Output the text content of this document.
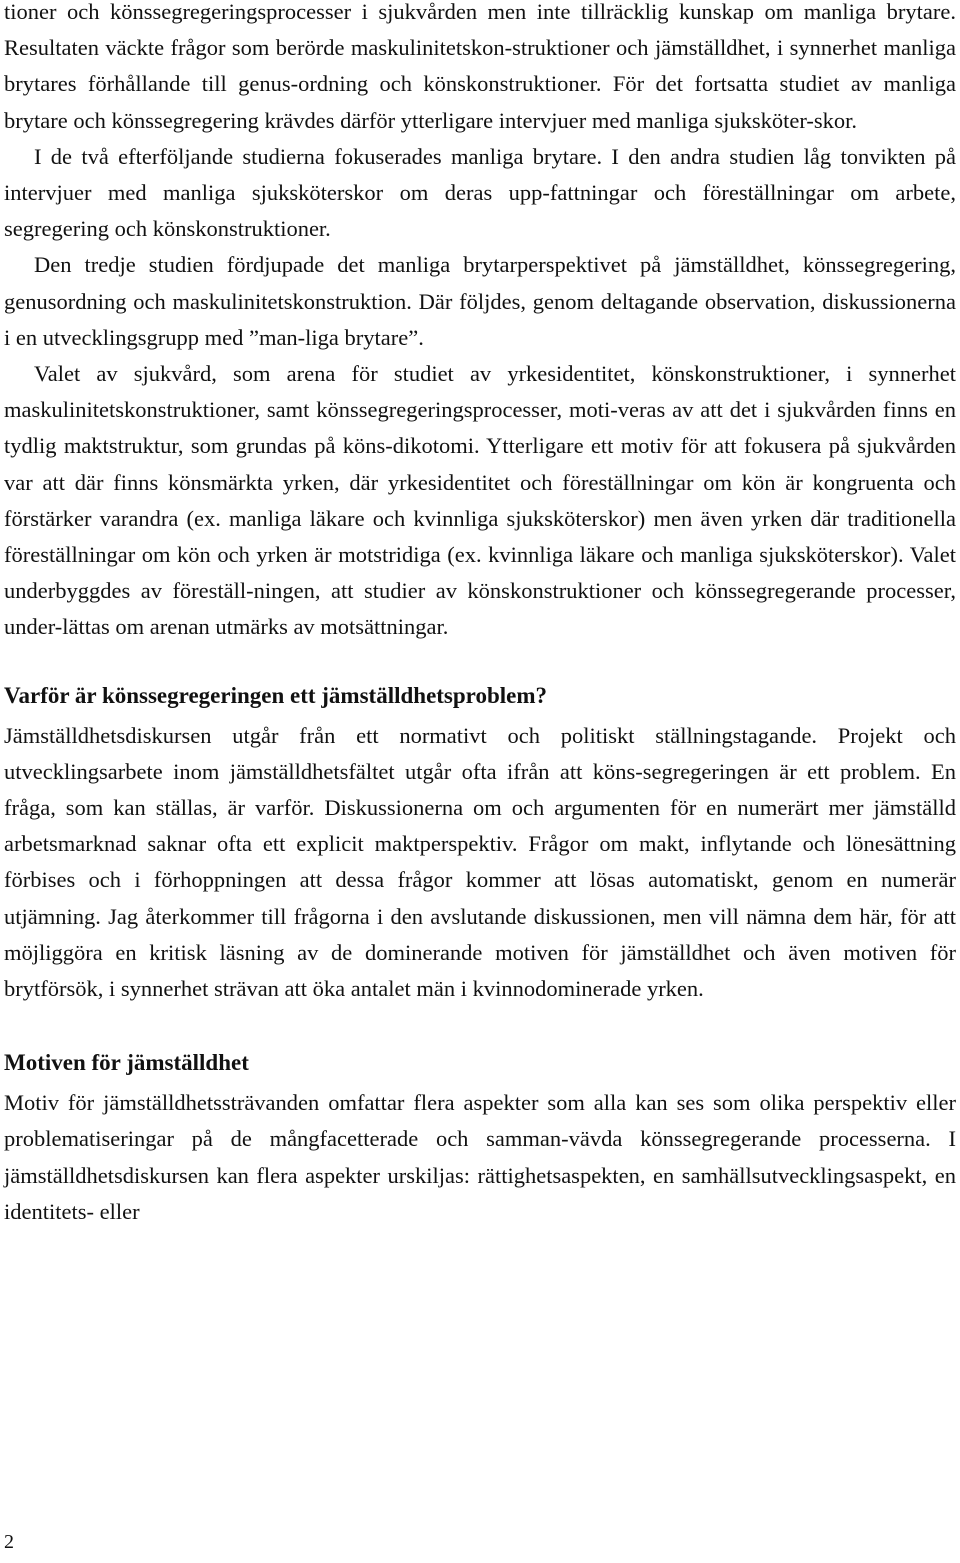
tioner och könssegregeringsprocesser i sjukvården men inte tillräcklig kunskap om manliga brytare. Resultaten väckte frågor som berörde maskulinitetskon-struktioner och jämställdhet, i synnerhet manliga brytares förhållande till genus-ordning och könskonstruktioner. För det fortsatta studiet av manliga brytare och könssegregering krävdes därför ytterligare intervjuer med manliga sjuksköter-skor.

I de två efterföljande studierna fokuserades manliga brytare. I den andra studien låg tonvikten på intervjuer med manliga sjuksköterskor om deras upp-fattningar och föreställningar om arbete, segregering och könskonstruktioner.

Den tredje studien fördjupade det manliga brytarperspektivet på jämställdhet, könssegregering, genusordning och maskulinitetskonstruktion. Där följdes, genom deltagande observation, diskussionerna i en utvecklingsgrupp med ”man-liga brytare”.

Valet av sjukvård, som arena för studiet av yrkesidentitet, könskonstruktioner, i synnerhet maskulinitetskonstruktioner, samt könssegregeringsprocesser, moti-veras av att det i sjukvården finns en tydlig maktstruktur, som grundas på köns-dikotomi. Ytterligare ett motiv för att fokusera på sjukvården var att där finns könsmärkta yrken, där yrkesidentitet och föreställningar om kön är kongruenta och förstärker varandra (ex. manliga läkare och kvinnliga sjuksköterskor) men även yrken där traditionella föreställningar om kön och yrken är motstridiga (ex. kvinnliga läkare och manliga sjuksköterskor). Valet underbyggdes av föreställ-ningen, att studier av könskonstruktioner och könssegregerande processer, under-lättas om arenan utmärks av motsättningar.

Varför är könssegregeringen ett jämställdhetsproblem?

Jämställdhetsdiskursen utgår från ett normativt och politiskt ställningstagande. Projekt och utvecklingsarbete inom jämställdhetsfältet utgår ofta ifrån att köns-segregeringen är ett problem. En fråga, som kan ställas, är varför. Diskussionerna om och argumenten för en numerärt mer jämställd arbetsmarknad saknar ofta ett explicit maktperspektiv. Frågor om makt, inflytande och lönesättning förbises och i förhoppningen att dessa frågor kommer att lösas automatiskt, genom en numerär utjämning. Jag återkommer till frågorna i den avslutande diskussionen, men vill nämna dem här, för att möjliggöra en kritisk läsning av de dominerande motiven för jämställdhet och även motiven för brytförsök, i synnerhet strävan att öka antalet män i kvinnodominerade yrken.

Motiven för jämställdhet

Motiv för jämställdhetssträvanden omfattar flera aspekter som alla kan ses som olika perspektiv eller problematiseringar på de mångfacetterade och samman-vävda könssegregerande processerna. I jämställdhetsdiskursen kan flera aspekter urskiljas: rättighetsaspekten, en samhällsutvecklingsaspekt, en identitets- eller

2
